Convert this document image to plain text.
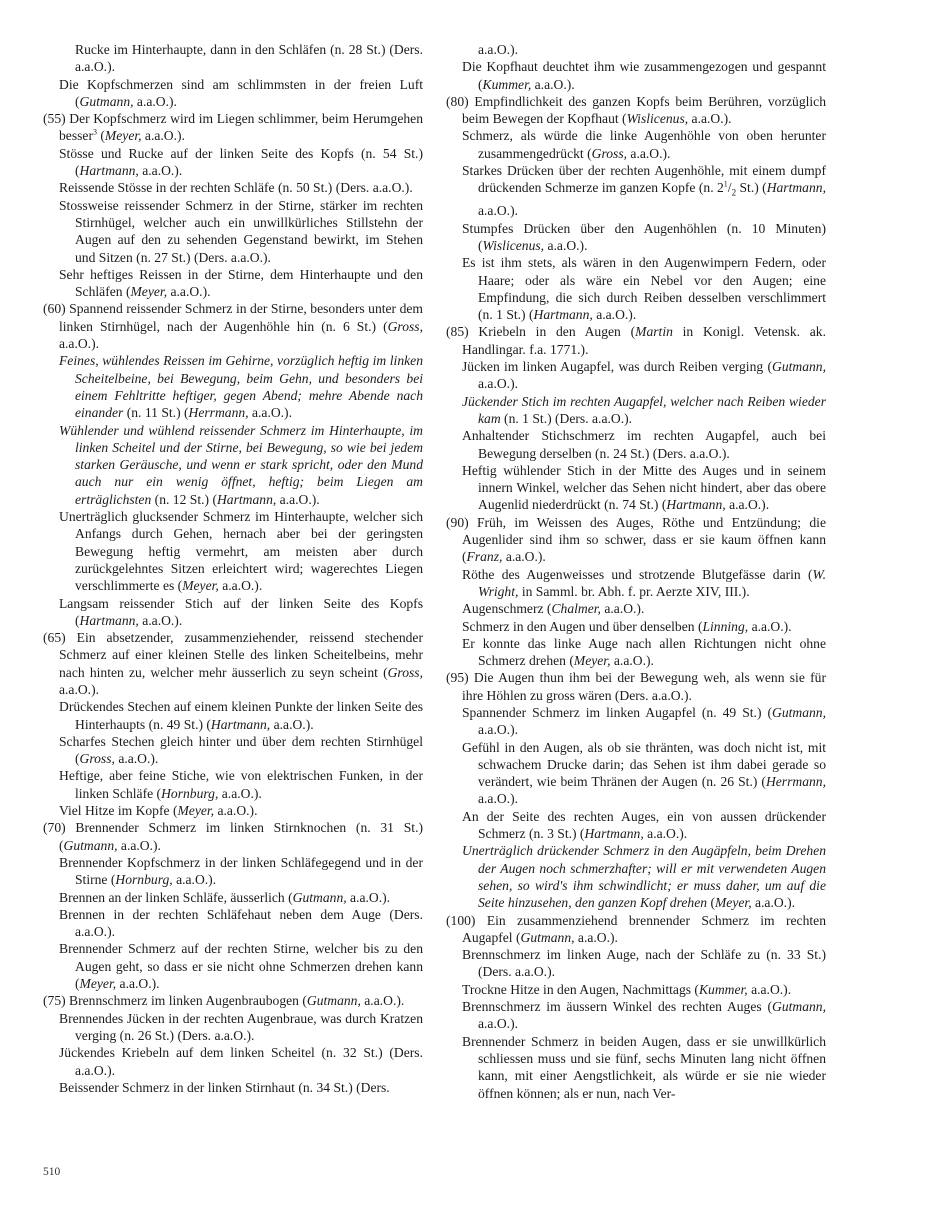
Rucke im Hinterhaupte, dann in den Schläfen (n. 28 St.) (Ders. a.a.O.).

Die Kopfschmerzen sind am schlimmsten in der freien Luft (Gutmann, a.a.O.).

(55) Der Kopfschmerz wird im Liegen schlimmer, beim Herumgehen besser$^3$ (Meyer, a.a.O.).

Stösse und Rucke auf der linken Seite des Kopfs (n. 54 St.) (Hartmann, a.a.O.).

Reissende Stösse in der rechten Schläfe (n. 50 St.) (Ders. a.a.O.).

Stossweise reissender Schmerz in der Stirne, stärker im rechten Stirnhügel, welcher auch ein unwillkürliches Stillstehn der Augen auf den zu sehenden Gegenstand bewirkt, im Stehen und Sitzen (n. 27 St.) (Ders. a.a.O.).

Sehr heftiges Reissen in der Stirne, dem Hinterhaupte und den Schläfen (Meyer, a.a.O.).

(60) Spannend reissender Schmerz in der Stirne, besonders unter dem linken Stirnhügel, nach der Augenhöhle hin (n. 6 St.) (Gross, a.a.O.).

Feines, wühlendes Reissen im Gehirne, vorzüglich heftig im linken Scheitelbeine, bei Bewegung, beim Gehn, und besonders bei einem Fehltritte heftiger, gegen Abend; mehre Abende nach einander (n. 11 St.) (Herrmann, a.a.O.).

Wühlender und wühlend reissender Schmerz im Hinterhaupte, im linken Scheitel und der Stirne, bei Bewegung, so wie bei jedem starken Geräusche, und wenn er stark spricht, oder den Mund auch nur ein wenig öffnet, heftig; beim Liegen am erträglichsten (n. 12 St.) (Hartmann, a.a.O.).

Unerträglich glucksender Schmerz im Hinterhaupte, welcher sich Anfangs durch Gehen, hernach aber bei der geringsten Bewegung heftig vermehrt, am meisten aber durch zurückgelehntes Sitzen erleichtert wird; wagerechtes Liegen verschlimmerte es (Meyer, a.a.O.).

Langsam reissender Stich auf der linken Seite des Kopfs (Hartmann, a.a.O.).

(65) Ein absetzender, zusammenziehender, reissend stechender Schmerz auf einer kleinen Stelle des linken Scheitelbeins, mehr nach hinten zu, welcher mehr äusserlich zu seyn scheint (Gross, a.a.O.).

Drückendes Stechen auf einem kleinen Punkte der linken Seite des Hinterhaupts (n. 49 St.) (Hartmann, a.a.O.).

Scharfes Stechen gleich hinter und über dem rechten Stirnhügel (Gross, a.a.O.).

Heftige, aber feine Stiche, wie von elektrischen Funken, in der linken Schläfe (Hornburg, a.a.O.).

Viel Hitze im Kopfe (Meyer, a.a.O.).

(70) Brennender Schmerz im linken Stirnknochen (n. 31 St.) (Gutmann, a.a.O.).

Brennender Kopfschmerz in der linken Schläfegegend und in der Stirne (Hornburg, a.a.O.).

Brennen an der linken Schläfe, äusserlich (Gutmann, a.a.O.).

Brennen in der rechten Schläfehaut neben dem Auge (Ders. a.a.O.).

Brennender Schmerz auf der rechten Stirne, welcher bis zu den Augen geht, so dass er sie nicht ohne Schmerzen drehen kann (Meyer, a.a.O.).

(75) Brennschmerz im linken Augenbraubogen (Gutmann, a.a.O.).

Brennendes Jücken in der rechten Augenbraue, was durch Kratzen verging (n. 26 St.) (Ders. a.a.O.).

Jückendes Kriebeln auf dem linken Scheitel (n. 32 St.) (Ders. a.a.O.).

Beissender Schmerz in der linken Stirnhaut (n. 34 St.) (Ders.

a.a.O.).

Die Kopfhaut deuchtet ihm wie zusammengezogen und gespannt (Kummer, a.a.O.).

(80) Empfindlichkeit des ganzen Kopfs beim Berühren, vorzüglich beim Bewegen der Kopfhaut (Wislicenus, a.a.O.).

Schmerz, als würde die linke Augenhöhle von oben herunter zusammengedrückt (Gross, a.a.O.).

Starkes Drücken über der rechten Augenhöhle, mit einem dumpf drückenden Schmerze im ganzen Kopfe (n. $2^1/_2$ St.) (Hartmann, a.a.O.).

Stumpfes Drücken über den Augenhöhlen (n. 10 Minuten) (Wislicenus, a.a.O.).

Es ist ihm stets, als wären in den Augenwimpern Federn, oder Haare; oder als wäre ein Nebel vor den Augen; eine Empfindung, die sich durch Reiben desselben verschlimmert (n. 1 St.) (Hartmann, a.a.O.).

(85) Kriebeln in den Augen (Martin in Konigl. Vetensk. ak. Handlingar. f.a. 1771.).

Jücken im linken Augapfel, was durch Reiben verging (Gutmann, a.a.O.).

Jückender Stich im rechten Augapfel, welcher nach Reiben wieder kam (n. 1 St.) (Ders. a.a.O.).

Anhaltender Stichschmerz im rechten Augapfel, auch bei Bewegung derselben (n. 24 St.) (Ders. a.a.O.).

Heftig wühlender Stich in der Mitte des Auges und in seinem innern Winkel, welcher das Sehen nicht hindert, aber das obere Augenlid niederdrückt (n. 74 St.) (Hartmann, a.a.O.).

(90) Früh, im Weissen des Auges, Röthe und Entzündung; die Augenlider sind ihm so schwer, dass er sie kaum öffnen kann (Franz, a.a.O.).

Röthe des Augenweisses und strotzende Blutgefässe darin (W. Wright, in Samml. br. Abh. f. pr. Aerzte XIV, III.).

Augenschmerz (Chalmer, a.a.O.).

Schmerz in den Augen und über denselben (Linning, a.a.O.).

Er konnte das linke Auge nach allen Richtungen nicht ohne Schmerz drehen (Meyer, a.a.O.).

(95) Die Augen thun ihm bei der Bewegung weh, als wenn sie für ihre Höhlen zu gross wären (Ders. a.a.O.).

Spannender Schmerz im linken Augapfel (n. 49 St.) (Gutmann, a.a.O.).

Gefühl in den Augen, als ob sie thränten, was doch nicht ist, mit schwachem Drucke darin; das Sehen ist ihm dabei gerade so verändert, wie beim Thränen der Augen (n. 26 St.) (Herrmann, a.a.O.).

An der Seite des rechten Auges, ein von aussen drückender Schmerz (n. 3 St.) (Hartmann, a.a.O.).

Unerträglich drückender Schmerz in den Augäpfeln, beim Drehen der Augen noch schmerzhafter; will er mit verwendeten Augen sehen, so wird's ihm schwindlicht; er muss daher, um auf die Seite hinzusehen, den ganzen Kopf drehen (Meyer, a.a.O.).

(100) Ein zusammenziehend brennender Schmerz im rechten Augapfel (Gutmann, a.a.O.).

Brennschmerz im linken Auge, nach der Schläfe zu (n. 33 St.) (Ders. a.a.O.).

Trockne Hitze in den Augen, Nachmittags (Kummer, a.a.O.).

Brennschmerz im äussern Winkel des rechten Auges (Gutmann, a.a.O.).

Brennender Schmerz in beiden Augen, dass er sie unwillkürlich schliessen muss und sie fünf, sechs Minuten lang nicht öffnen kann, mit einer Aengstlichkeit, als würde er sie nie wieder öffnen können; als er nun, nach Ver-

510
